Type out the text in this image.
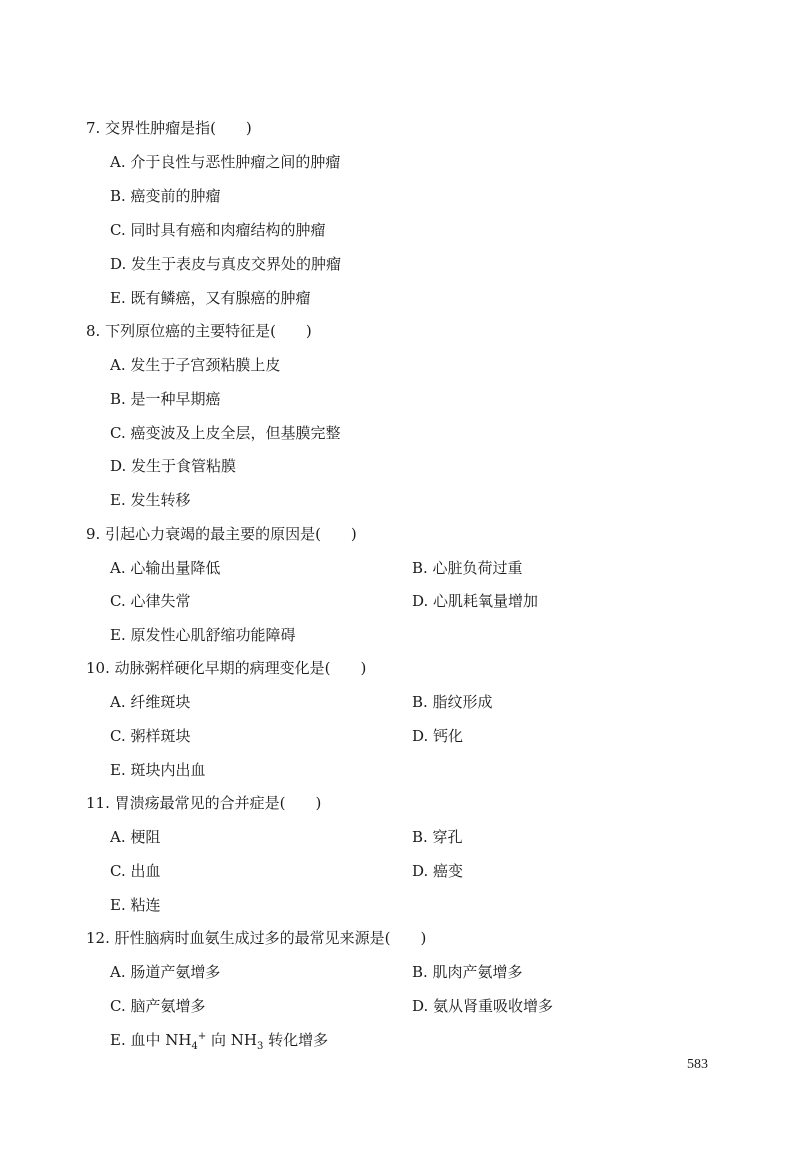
7. 交界性肿瘤是指(　　)
A. 介于良性与恶性肿瘤之间的肿瘤
B. 癌变前的肿瘤
C. 同时具有癌和肉瘤结构的肿瘤
D. 发生于表皮与真皮交界处的肿瘤
E. 既有鳞癌，又有腺癌的肿瘤
8. 下列原位癌的主要特征是(　　)
A. 发生于子宫颈粘膜上皮
B. 是一种早期癌
C. 癌变波及上皮全层，但基膜完整
D. 发生于食管粘膜
E. 发生转移
9. 引起心力衰竭的最主要的原因是(　　)
A. 心输出量降低	B. 心脏负荷过重
C. 心律失常	D. 心肌耗氧量增加
E. 原发性心肌舒缩功能障碍
10. 动脉粥样硬化早期的病理变化是(　　)
A. 纤维斑块	B. 脂纹形成
C. 粥样斑块	D. 钙化
E. 斑块内出血
11. 胃溃疡最常见的合并症是(　　)
A. 梗阻	B. 穿孔
C. 出血	D. 癌变
E. 粘连
12. 肝性脑病时血氨生成过多的最常见来源是(　　)
A. 肠道产氨增多	B. 肌肉产氨增多
C. 脑产氨增多	D. 氨从肾重吸收增多
E. 血中 $NH_4^+$ 向 $NH_3$ 转化增多
583
